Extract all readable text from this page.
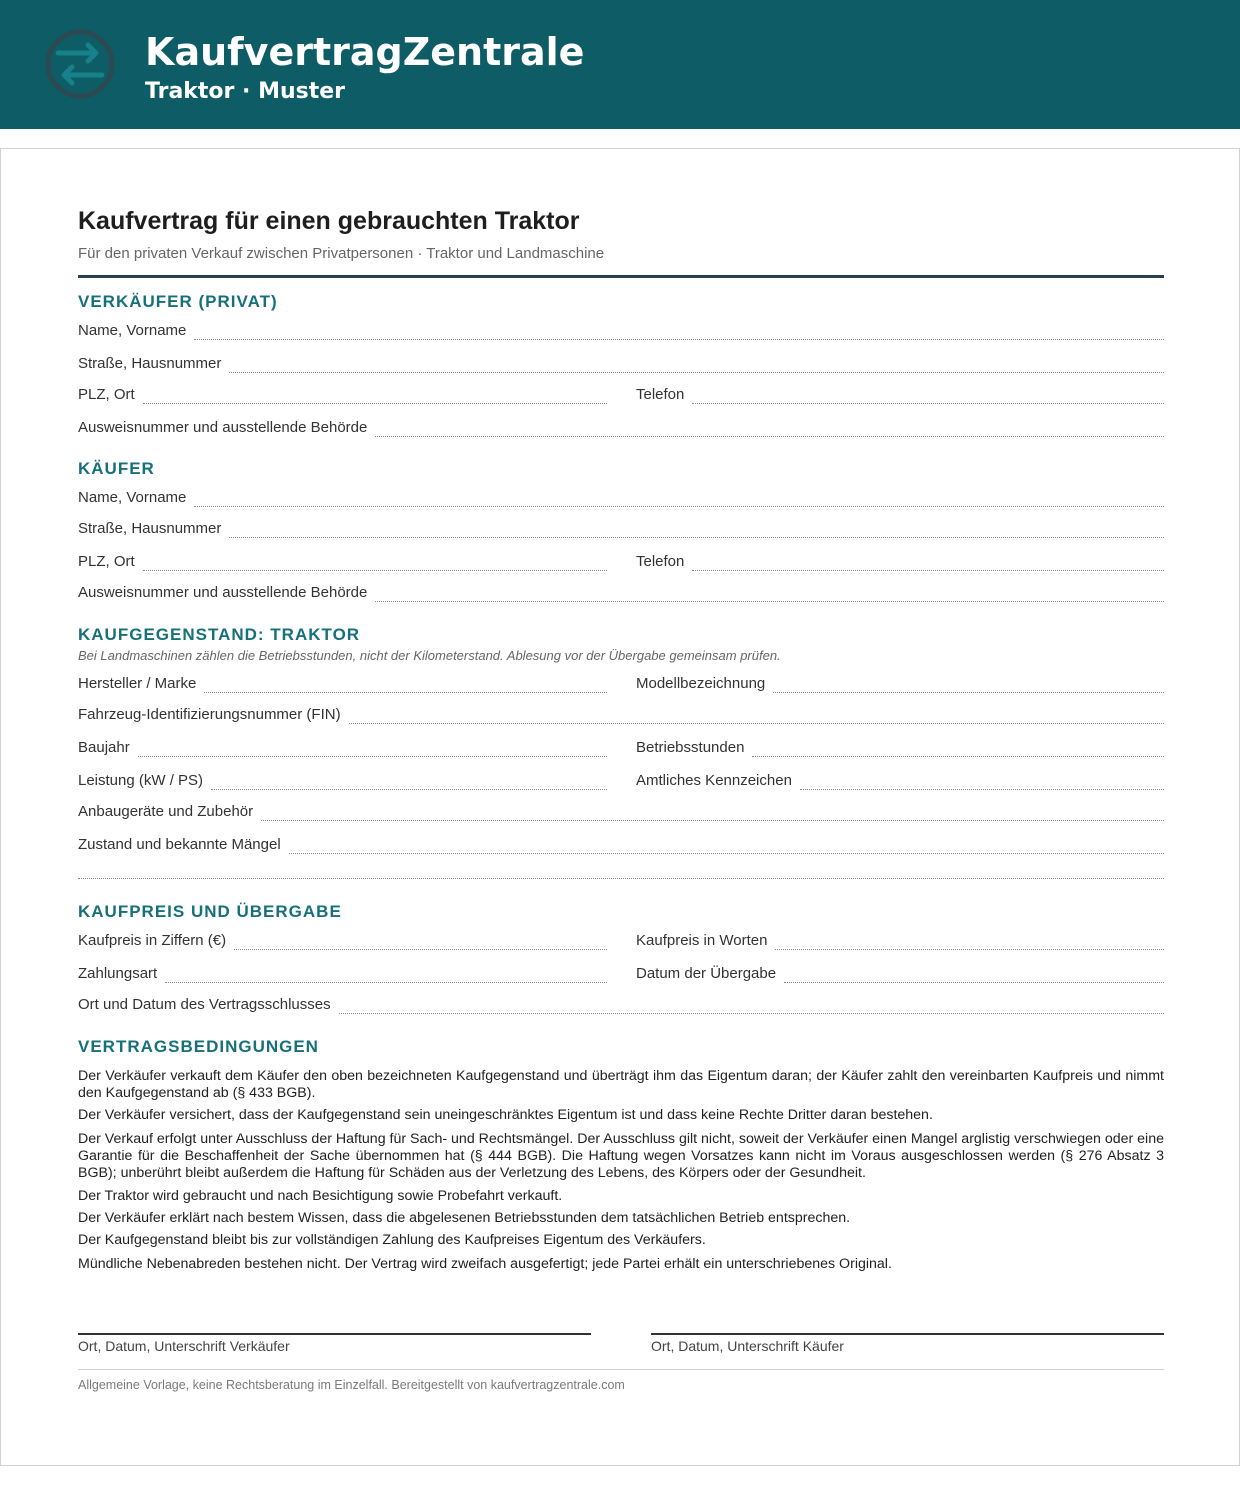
KaufvertragZentrale
Traktor · Muster
Kaufvertrag für einen gebrauchten Traktor
Für den privaten Verkauf zwischen Privatpersonen · Traktor und Landmaschine
VERKÄUFER (PRIVAT)
Name, Vorname
Straße, Hausnummer
PLZ, Ort	Telefon
Ausweisnummer und ausstellende Behörde
KÄUFER
Name, Vorname
Straße, Hausnummer
PLZ, Ort	Telefon
Ausweisnummer und ausstellende Behörde
KAUFGEGENSTAND: TRAKTOR
Bei Landmaschinen zählen die Betriebsstunden, nicht der Kilometerstand. Ablesung vor der Übergabe gemeinsam prüfen.
Hersteller / Marke	Modellbezeichnung
Fahrzeug-Identifizierungsnummer (FIN)
Baujahr	Betriebsstunden
Leistung (kW / PS)	Amtliches Kennzeichen
Anbaugeräte und Zubehör
Zustand und bekannte Mängel
KAUFPREIS UND ÜBERGABE
Kaufpreis in Ziffern (€)	Kaufpreis in Worten
Zahlungsart	Datum der Übergabe
Ort und Datum des Vertragsschlusses
VERTRAGSBEDINGUNGEN
Der Verkäufer verkauft dem Käufer den oben bezeichneten Kaufgegenstand und überträgt ihm das Eigentum daran; der Käufer zahlt den vereinbarten Kaufpreis und nimmt den Kaufgegenstand ab (§ 433 BGB).
Der Verkäufer versichert, dass der Kaufgegenstand sein uneingeschränktes Eigentum ist und dass keine Rechte Dritter daran bestehen.
Der Verkauf erfolgt unter Ausschluss der Haftung für Sach- und Rechtsmängel. Der Ausschluss gilt nicht, soweit der Verkäufer einen Mangel arglistig verschwiegen oder eine Garantie für die Beschaffenheit der Sache übernommen hat (§ 444 BGB). Die Haftung wegen Vorsatzes kann nicht im Voraus ausgeschlossen werden (§ 276 Absatz 3 BGB); unberührt bleibt außerdem die Haftung für Schäden aus der Verletzung des Lebens, des Körpers oder der Gesundheit.
Der Traktor wird gebraucht und nach Besichtigung sowie Probefahrt verkauft.
Der Verkäufer erklärt nach bestem Wissen, dass die abgelesenen Betriebsstunden dem tatsächlichen Betrieb entsprechen.
Der Kaufgegenstand bleibt bis zur vollständigen Zahlung des Kaufpreises Eigentum des Verkäufers.
Mündliche Nebenabreden bestehen nicht. Der Vertrag wird zweifach ausgefertigt; jede Partei erhält ein unterschriebenes Original.
Ort, Datum, Unterschrift Verkäufer	Ort, Datum, Unterschrift Käufer
Allgemeine Vorlage, keine Rechtsberatung im Einzelfall. Bereitgestellt von kaufvertragzentrale.com
